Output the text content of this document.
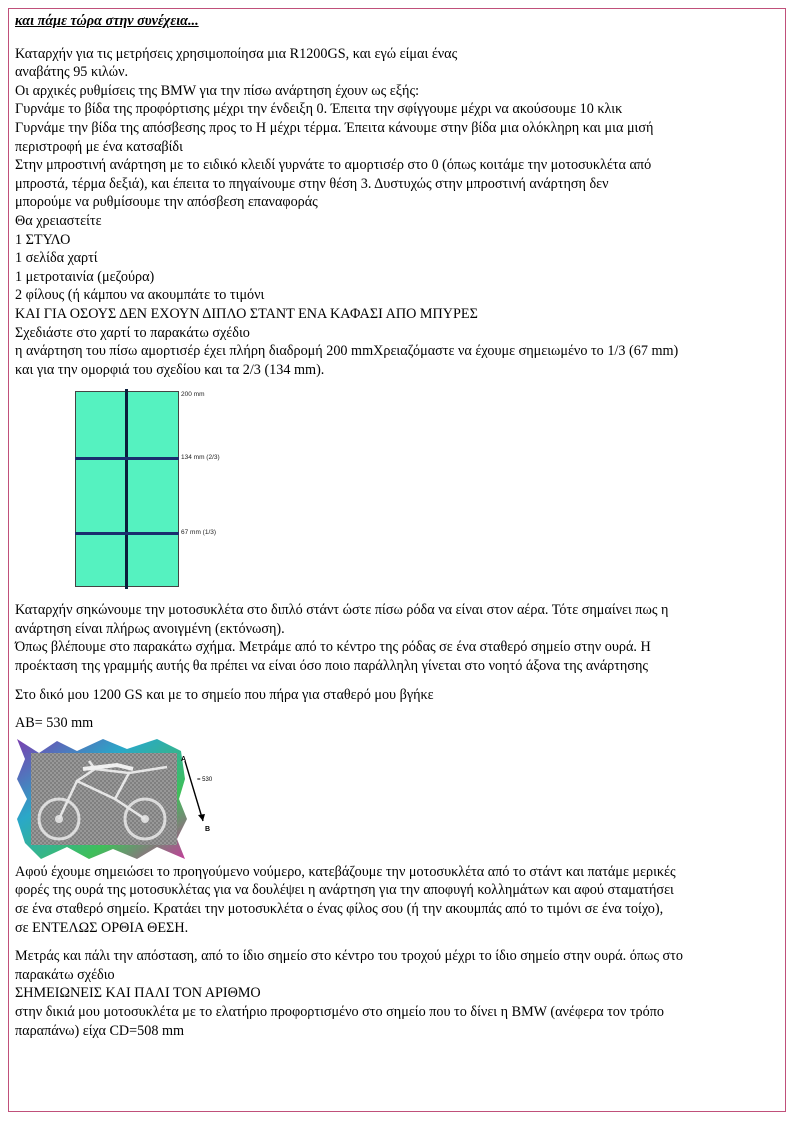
και πάμε τώρα στην συνέχεια...

Καταρχήν για τις μετρήσεις χρησιμοποίησα μια R1200GS, και εγώ είμαι ένας

αναβάτης 95 κιλών.

Οι αρχικές ρυθμίσεις της BMW για την πίσω ανάρτηση έχουν ως εξής:

Γυρνάμε το βίδα της προφόρτισης μέχρι την ένδειξη 0. Έπειτα την σφίγγουμε μέχρι να ακούσουμε 10 κλικ

Γυρνάμε την βίδα της απόσβεσης προς το Η μέχρι τέρμα. Έπειτα κάνουμε στην βίδα μια ολόκληρη και μια μισή

περιστροφή με ένα κατσαβίδι

Στην μπροστινή ανάρτηση με το ειδικό κλειδί γυρνάτε το αμορτισέρ στο 0 (όπως κοιτάμε την μοτοσυκλέτα από

μπροστά, τέρμα δεξιά), και έπειτα το πηγαίνουμε στην θέση 3. Δυστυχώς στην μπροστινή ανάρτηση δεν

μπορούμε να ρυθμίσουμε την απόσβεση επαναφοράς

Θα χρειαστείτε

1 ΣΤΥΛΟ

1 σελίδα χαρτί

1 μετροταινία (μεζούρα)

2 φίλους (ή κάμπου να ακουμπάτε το τιμόνι

ΚΑΙ ΓΙΑ ΟΣΟΥΣ ΔΕΝ ΕΧΟΥΝ ΔΙΠΛΟ ΣΤΑΝΤ ΕΝΑ ΚΑΦΑΣΙ ΑΠΟ ΜΠΥΡΕΣ

Σχεδιάστε στο χαρτί το παρακάτω σχέδιο

η ανάρτηση του πίσω αμορτισέρ έχει πλήρη διαδρομή 200 mmΧρειαζόμαστε να έχουμε σημειωμένο το 1/3 (67 mm)

και για την ομορφιά του σχεδίου και τα 2/3 (134 mm).

200 mm
134 mm (2/3)
67 mm (1/3)

Καταρχήν σηκώνουμε την μοτοσυκλέτα στο διπλό στάντ ώστε πίσω ρόδα να είναι στον αέρα. Τότε σημαίνει πως η

ανάρτηση είναι πλήρως ανοιγμένη (εκτόνωση).

Όπως βλέπουμε στο παρακάτω σχήμα. Μετράμε από το κέντρο της ρόδας σε ένα σταθερό σημείο στην ουρά. Η

προέκταση της γραμμής αυτής θα πρέπει να είναι όσο ποιο παράλληλη γίνεται στο νοητό άξονα της ανάρτησης

Στο δικό μου 1200 GS και με το σημείο που πήρα για σταθερό μου βγήκε

AB= 530 mm

A
B
= 530

Αφού έχουμε σημειώσει το προηγούμενο νούμερο, κατεβάζουμε την μοτοσυκλέτα από το στάντ και πατάμε μερικές

φορές της ουρά της μοτοσυκλέτας για να δουλέψει η ανάρτηση για την αποφυγή κολλημάτων και αφού σταματήσει

σε ένα σταθερό σημείο. Κρατάει την μοτοσυκλέτα ο ένας φίλος σου (ή την ακουμπάς από το τιμόνι σε ένα τοίχο),

σε ΕΝΤΕΛΩΣ ΟΡΘΙΑ ΘΕΣΗ.

Μετράς και πάλι την απόσταση, από το ίδιο σημείο στο κέντρο του τροχού μέχρι το ίδιο σημείο στην ουρά. όπως στο

παρακάτω σχέδιο

ΣΗΜΕΙΩΝΕΙΣ ΚΑΙ ΠΑΛΙ ΤΟΝ ΑΡΙΘΜΟ

στην δικιά μου μοτοσυκλέτα με το ελατήριο προφορτισμένο στο σημείο που το δίνει η BMW (ανέφερα τον τρόπο

παραπάνω) είχα CD=508 mm
